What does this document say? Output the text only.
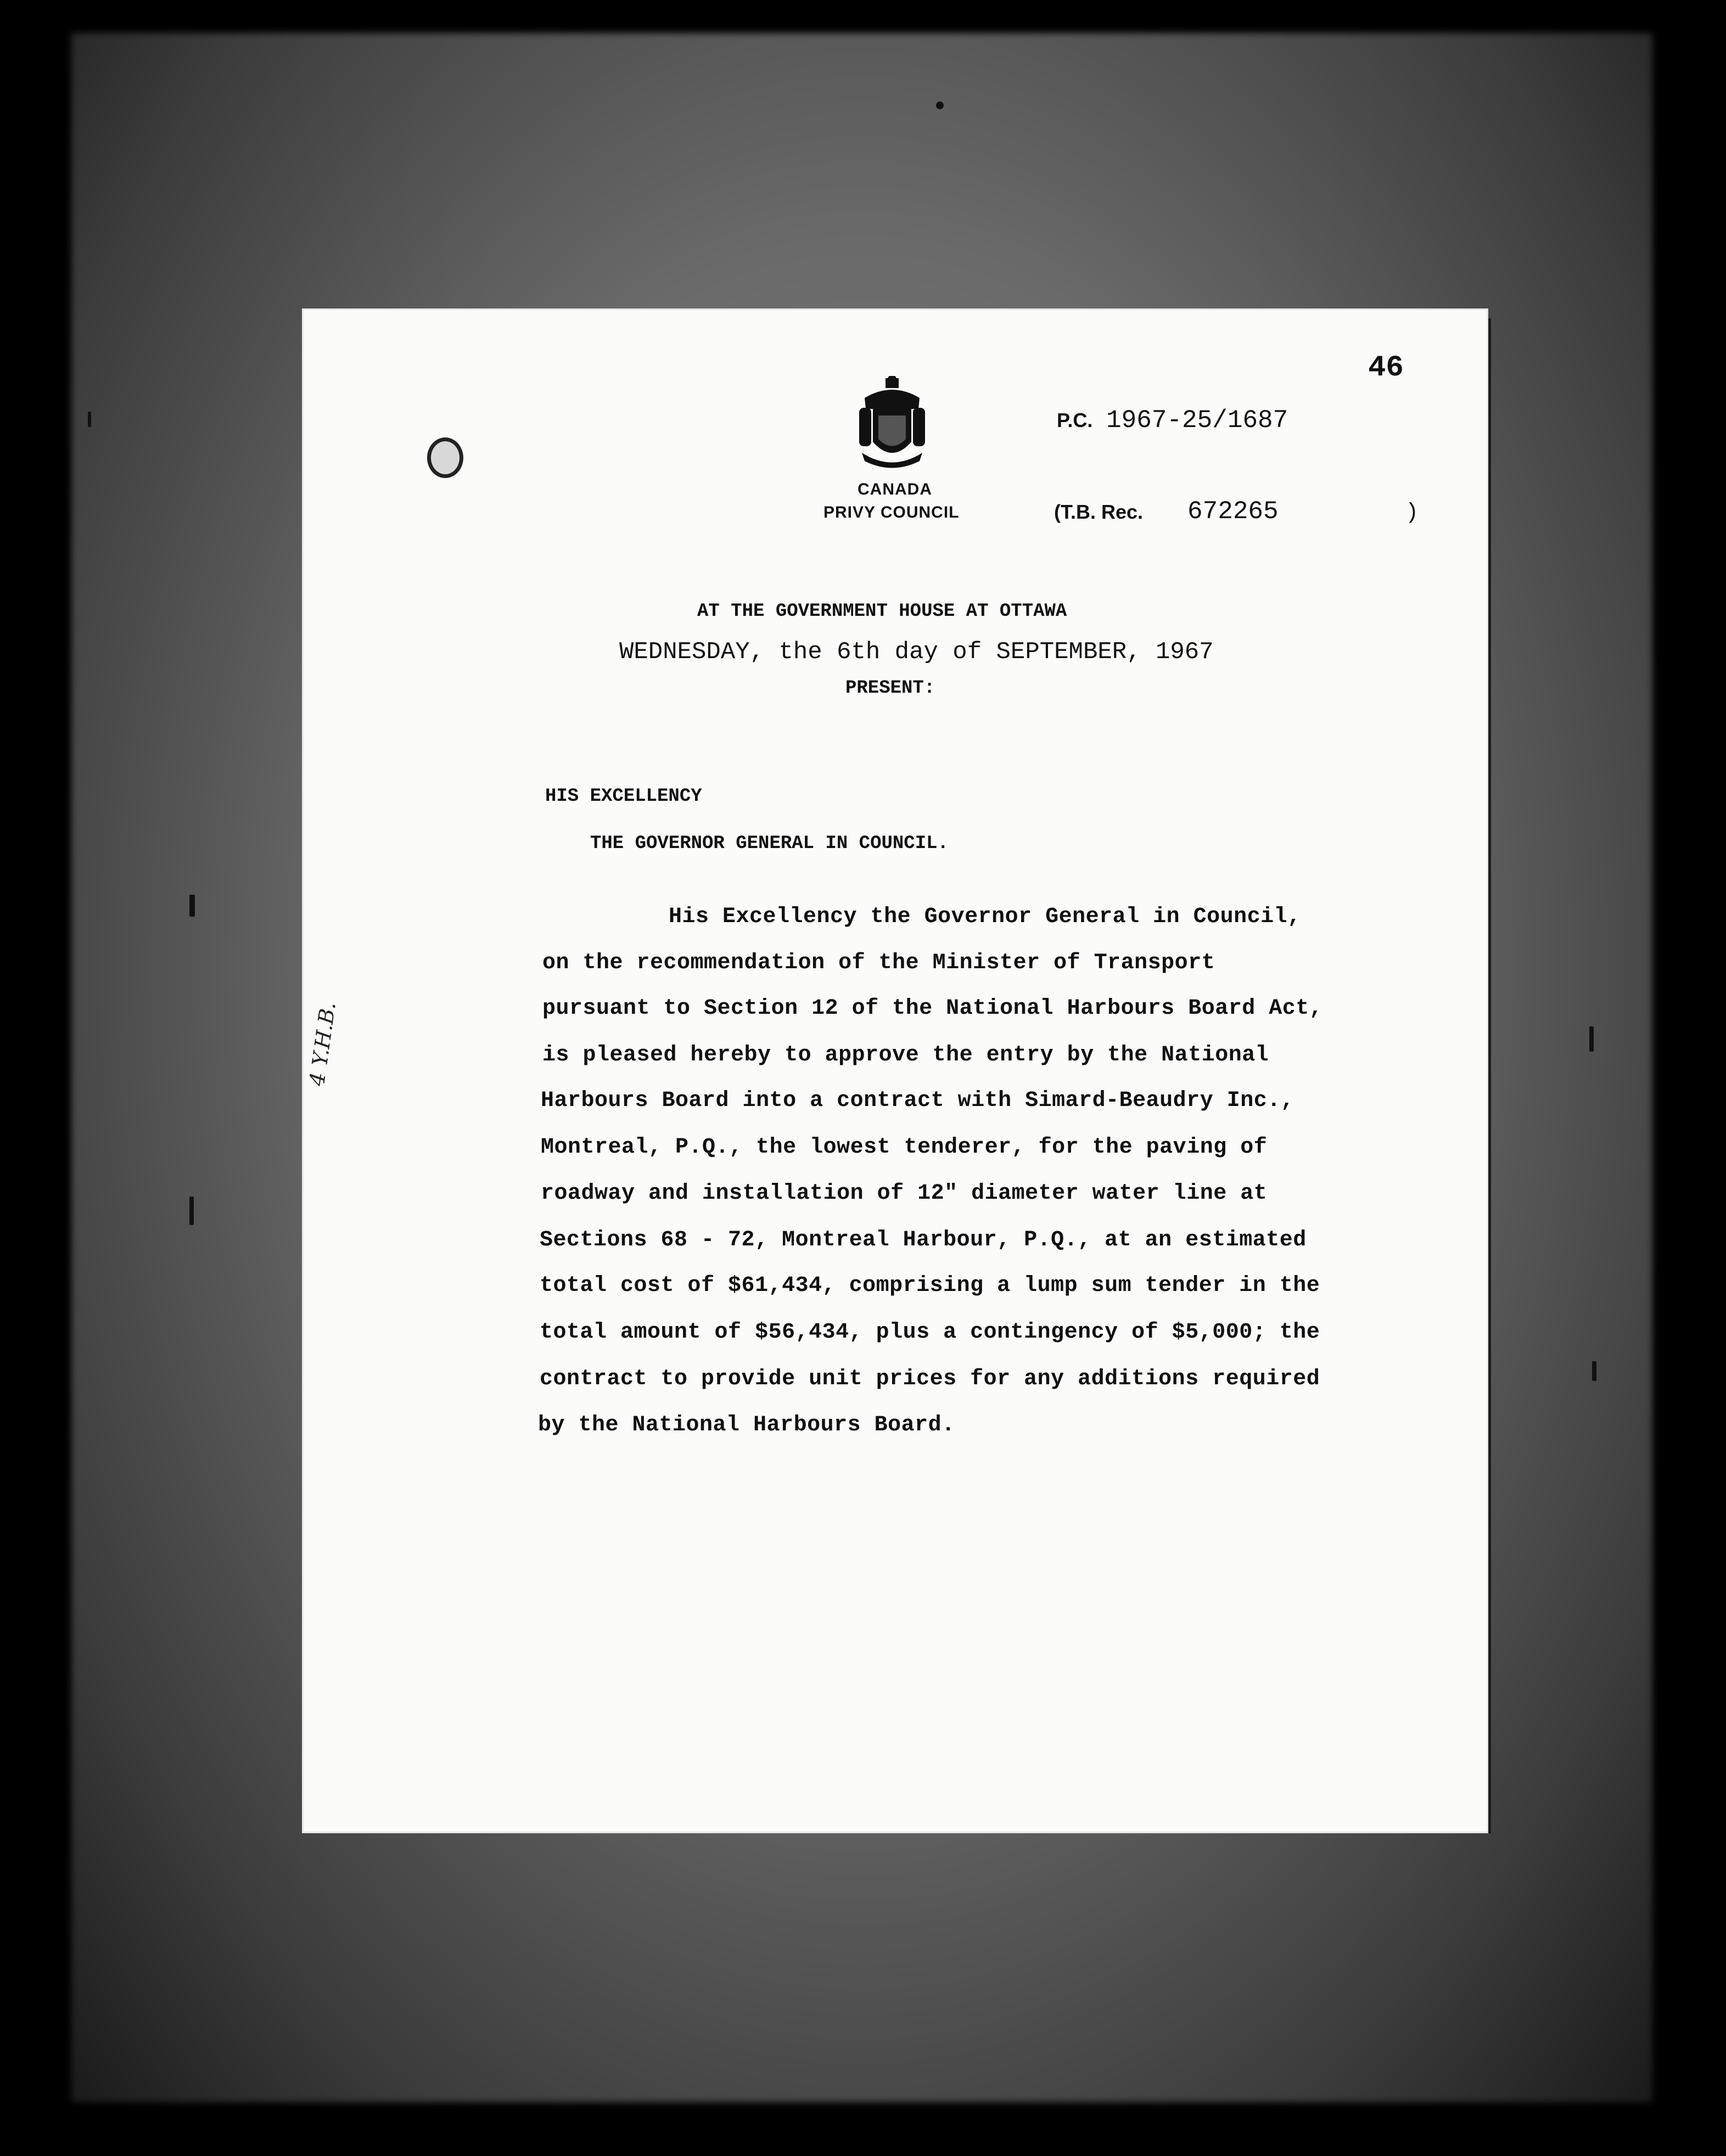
46
CANADA
PRIVY COUNCIL
P.C. 1967-25/1687
(T.B. Rec. 672265	)
AT THE GOVERNMENT HOUSE AT OTTAWA
WEDNESDAY, the 6th day of SEPTEMBER, 1967
PRESENT:
HIS EXCELLENCY
THE GOVERNOR GENERAL IN COUNCIL.
4 Y.H.B.
His Excellency the Governor General in Council,
on the recommendation of the Minister of Transport
pursuant to Section 12 of the National Harbours Board Act,
is pleased hereby to approve the entry by the National
Harbours Board into a contract with Simard-Beaudry Inc.,
Montreal, P.Q., the lowest tenderer, for the paving of
roadway and installation of 12" diameter water line at
Sections 68 - 72, Montreal Harbour, P.Q., at an estimated
total cost of $61,434, comprising a lump sum tender in the
total amount of $56,434, plus a contingency of $5,000; the
contract to provide unit prices for any additions required
by the National Harbours Board.
